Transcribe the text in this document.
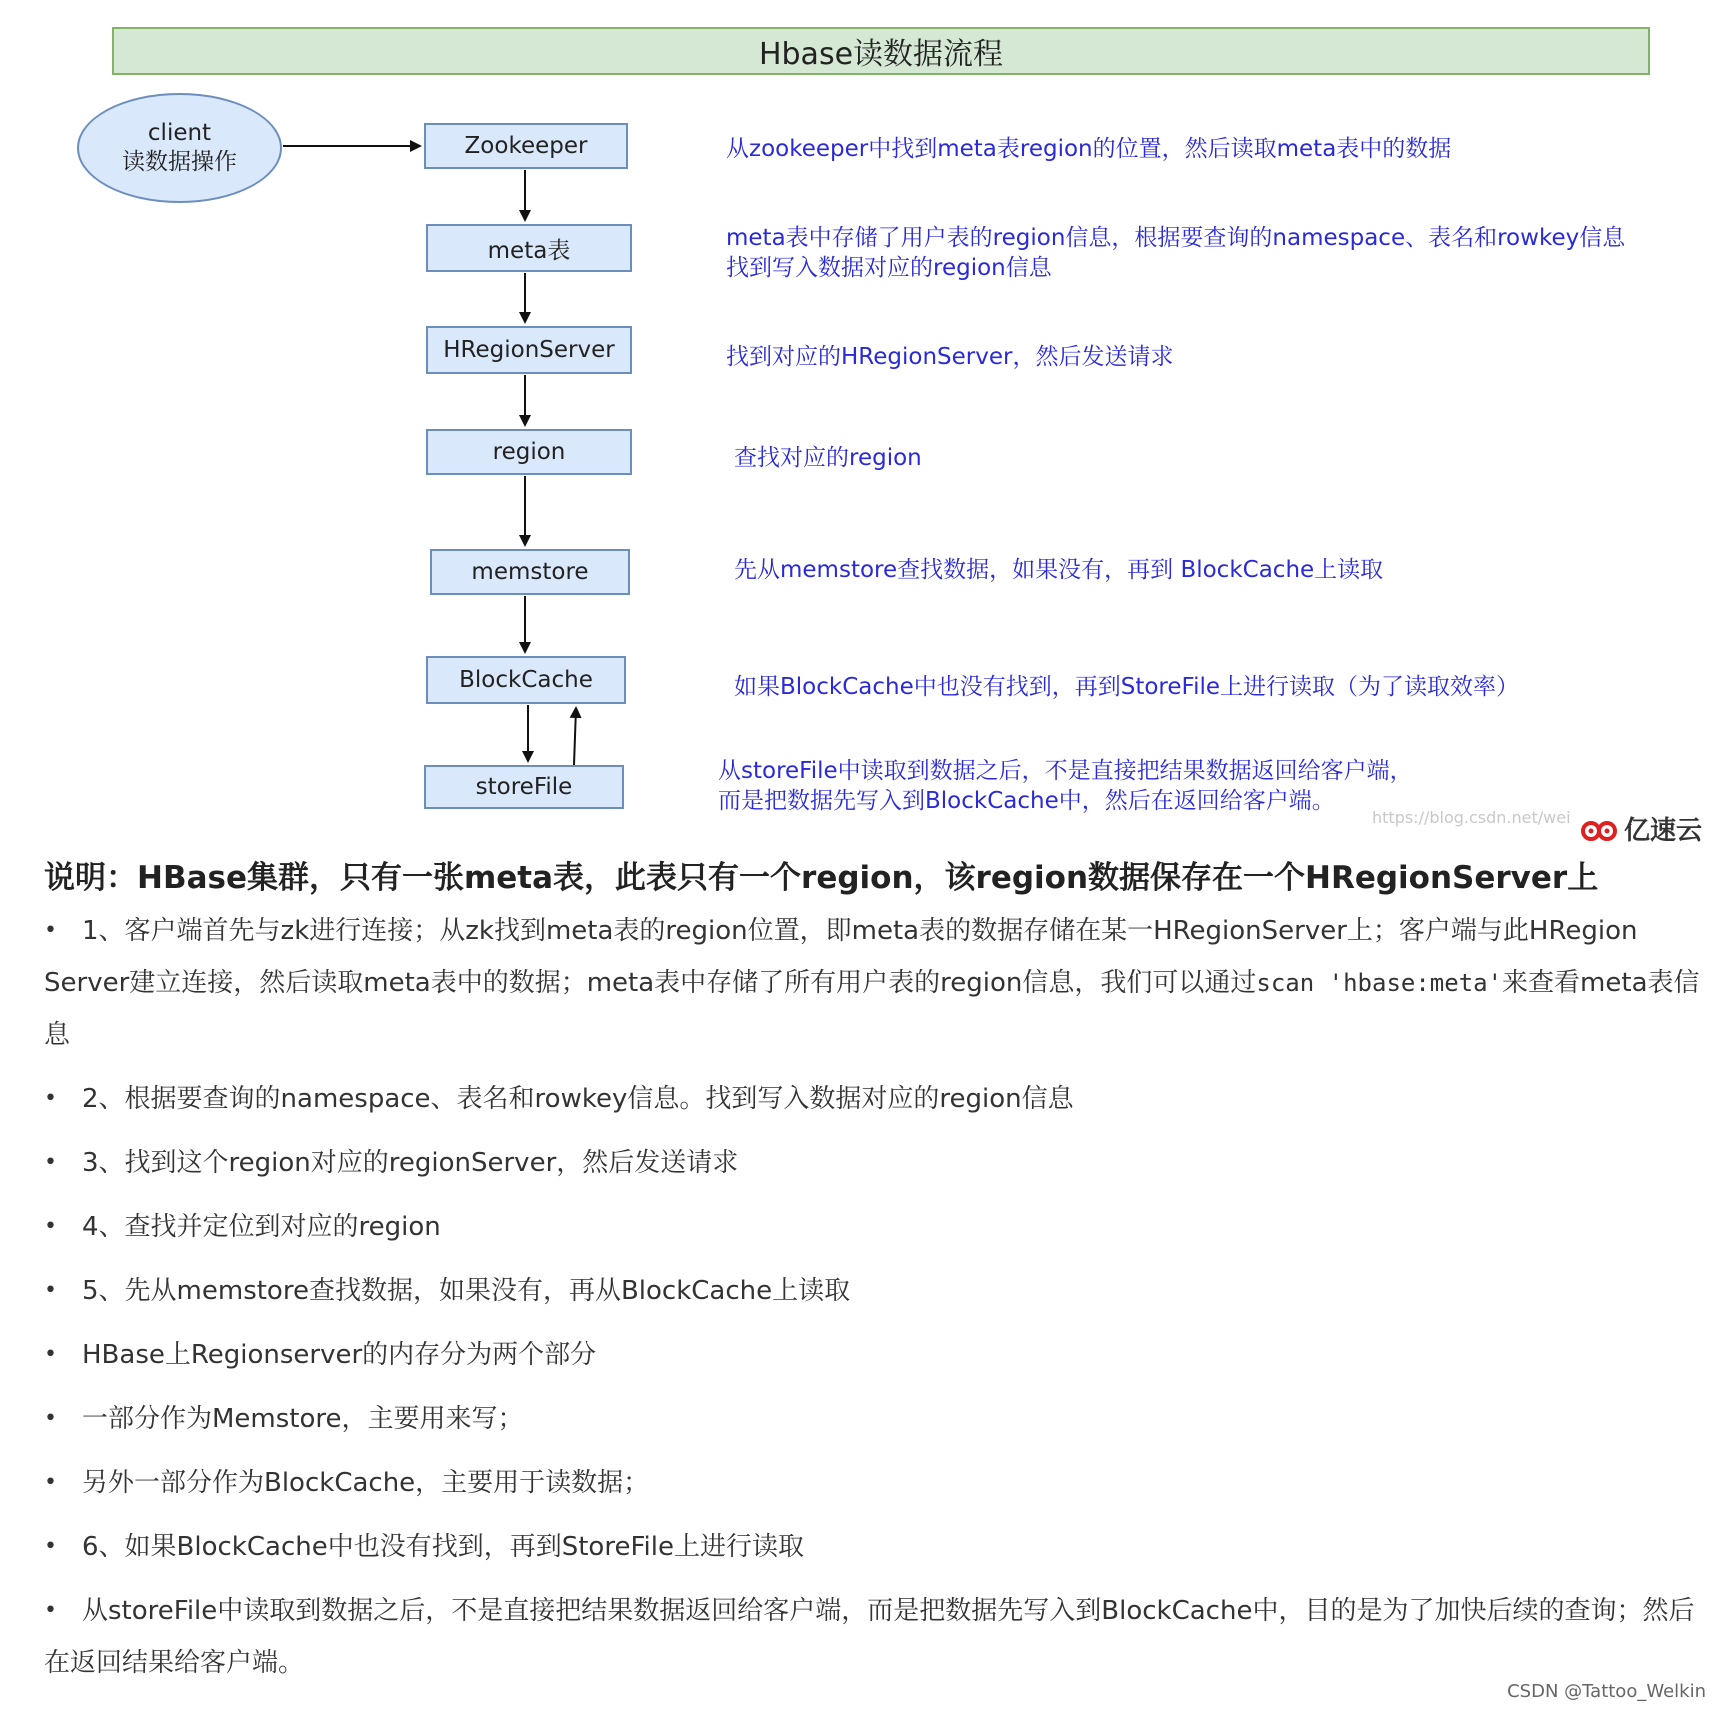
Hbase读数据流程
client
读数据操作
Zookeeper
meta表
HRegionServer
region
memstore
BlockCache
storeFile
从zookeeper中找到meta表region的位置，然后读取meta表中的数据
meta表中存储了用户表的region信息，根据要查询的namespace、表名和rowkey信息
找到写入数据对应的region信息
找到对应的HRegionServer，然后发送请求
查找对应的region
先从memstore查找数据，如果没有，再到 BlockCache上读取
如果BlockCache中也没有找到，再到StoreFile上进行读取（为了读取效率）
从storeFile中读取到数据之后，不是直接把结果数据返回给客户端，
而是把数据先写入到BlockCache中，然后在返回给客户端。
https://blog.csdn.net/wei 亿速云
说明：HBase集群，只有一张meta表，此表只有一个region，该region数据保存在一个HRegionServer上
• 1、客户端首先与zk进行连接；从zk找到meta表的region位置，即meta表的数据存储在某一HRegionServer上；客户端与此HRegion Server建立连接，然后读取meta表中的数据；meta表中存储了所有用户表的region信息，我们可以通过scan 'hbase:meta'来查看meta表信息
• 2、根据要查询的namespace、表名和rowkey信息。找到写入数据对应的region信息
• 3、找到这个region对应的regionServer，然后发送请求
• 4、查找并定位到对应的region
• 5、先从memstore查找数据，如果没有，再从BlockCache上读取
• HBase上Regionserver的内存分为两个部分
• 一部分作为Memstore，主要用来写；
• 另外一部分作为BlockCache，主要用于读数据；
• 6、如果BlockCache中也没有找到，再到StoreFile上进行读取
• 从storeFile中读取到数据之后，不是直接把结果数据返回给客户端，而是把数据先写入到BlockCache中，目的是为了加快后续的查询；然后在返回结果给客户端。
CSDN @Tattoo_Welkin
